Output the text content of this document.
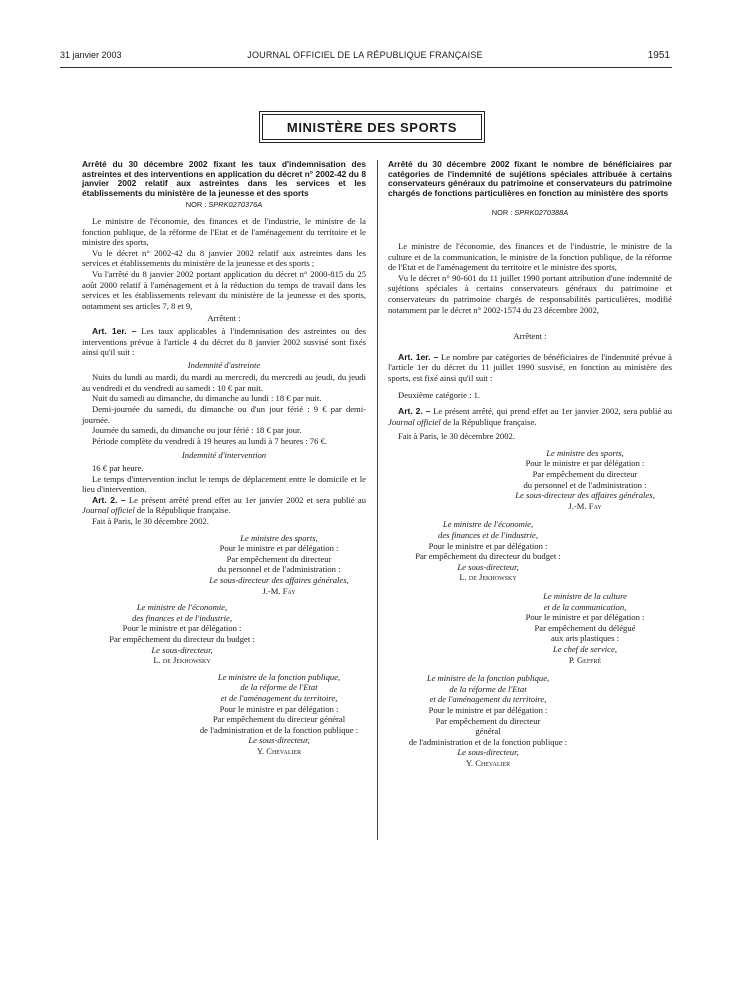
31 janvier 2003	JOURNAL OFFICIEL DE LA RÉPUBLIQUE FRANÇAISE	1951
MINISTÈRE DES SPORTS

Arrêté du 30 décembre 2002 fixant les taux d'indemnisation des astreintes et des interventions en application du décret n° 2002-42 du 8 janvier 2002 relatif aux astreintes dans les services et les établissements du ministère de la jeunesse et des sports

NOR : SPRK0270376A

Le ministre de l'économie, des finances et de l'industrie, le ministre de la fonction publique, de la réforme de l'Etat et de l'aménagement du territoire et le ministre des sports,

Vu le décret n° 2002-42 du 8 janvier 2002 relatif aux astreintes dans les services et établissements du ministère de la jeunesse et des sports ;

Vu l'arrêté du 8 janvier 2002 portant application du décret n° 2000-815 du 25 août 2000 relatif à l'aménagement et à la réduction du temps de travail dans les services et les établissements relevant du ministère de la jeunesse et des sports, notamment ses articles 7, 8 et 9,

Arrêtent :

Art. 1er. – Les taux applicables à l'indemnisation des astreintes ou des interventions prévue à l'article 4 du décret du 8 janvier 2002 susvisé sont fixés ainsi qu'il suit :

Indemnité d'astreinte

Nuits du lundi au mardi, du mardi au mercredi, du mercredi au jeudi, du jeudi au vendredi et du vendredi au samedi : 10 € par nuit.

Nuit du samedi au dimanche, du dimanche au lundi : 18 € par nuit.

Demi-journée du samedi, du dimanche ou d'un jour férié : 9 € par demi-journée.

Journée du samedi, du dimanche ou jour férié : 18 € par jour.

Période complète du vendredi à 19 heures au lundi à 7 heures : 76 €.

Indemnité d'intervention

16 € par heure.

Le temps d'intervention inclut le temps de déplacement entre le domicile et le lieu d'intervention.

Art. 2. – Le présent arrêté prend effet au 1er janvier 2002 et sera publié au Journal officiel de la République française.

Fait à Paris, le 30 décembre 2002.

Le ministre des sports,
Pour le ministre et par délégation :
Par empêchement du directeur
du personnel et de l'administration :
Le sous-directeur des affaires générales,
J.-M. Fay
Le ministre de l'économie,
des finances et de l'industrie,
Pour le ministre et par délégation :
Par empêchement du directeur du budget :
Le sous-directeur,
L. de Jekhowsky
Le ministre de la fonction publique,
de la réforme de l'Etat
et de l'aménagement du territoire,
Pour le ministre et par délégation :
Par empêchement du directeur général
de l'administration et de la fonction publique :
Le sous-directeur,
Y. Chevalier

Arrêté du 30 décembre 2002 fixant le nombre de bénéficiaires par catégories de l'indemnité de sujétions spéciales attribuée à certains conservateurs généraux du patrimoine et conservateurs du patrimoine chargés de fonctions particulières en fonction au ministère des sports

NOR : SPRK0270388A

Le ministre de l'économie, des finances et de l'industrie, le ministre de la culture et de la communication, le ministre de la fonction publique, de la réforme de l'Etat et de l'aménagement du territoire et le ministre des sports,

Vu le décret n° 90-601 du 11 juillet 1990 portant attribution d'une indemnité de sujétions spéciales à certains conservateurs généraux du patrimoine et conservateurs du patrimoine chargés de responsabilités particulières, modifié notamment par le décret n° 2002-1574 du 23 décembre 2002,

Arrêtent :

Art. 1er. – Le nombre par catégories de bénéficiaires de l'indemnité prévue à l'article 1er du décret du 11 juillet 1990 susvisé, en fonction au ministère des sports, est fixé ainsi qu'il suit :

Deuxième catégorie : 1.

Art. 2. – Le présent arrêté, qui prend effet au 1er janvier 2002, sera publié au Journal officiel de la République française.

Fait à Paris, le 30 décembre 2002.

Le ministre des sports,
Pour le ministre et par délégation :
Par empêchement du directeur
du personnel et de l'administration :
Le sous-directeur des affaires générales,
J.-M. Fay
Le ministre de l'économie,
des finances et de l'industrie,
Pour le ministre et par délégation :
Par empêchement du directeur du budget :
Le sous-directeur,
L. de Jekhowsky
Le ministre de la culture
et de la communication,
Pour le ministre et par délégation :
Par empêchement du délégué
aux arts plastiques :
Le chef de service,
P. Geffré
Le ministre de la fonction publique,
de la réforme de l'Etat
et de l'aménagement du territoire,
Pour le ministre et par délégation :
Par empêchement du directeur
général
de l'administration et de la fonction publique :
Le sous-directeur,
Y. Chevalier
